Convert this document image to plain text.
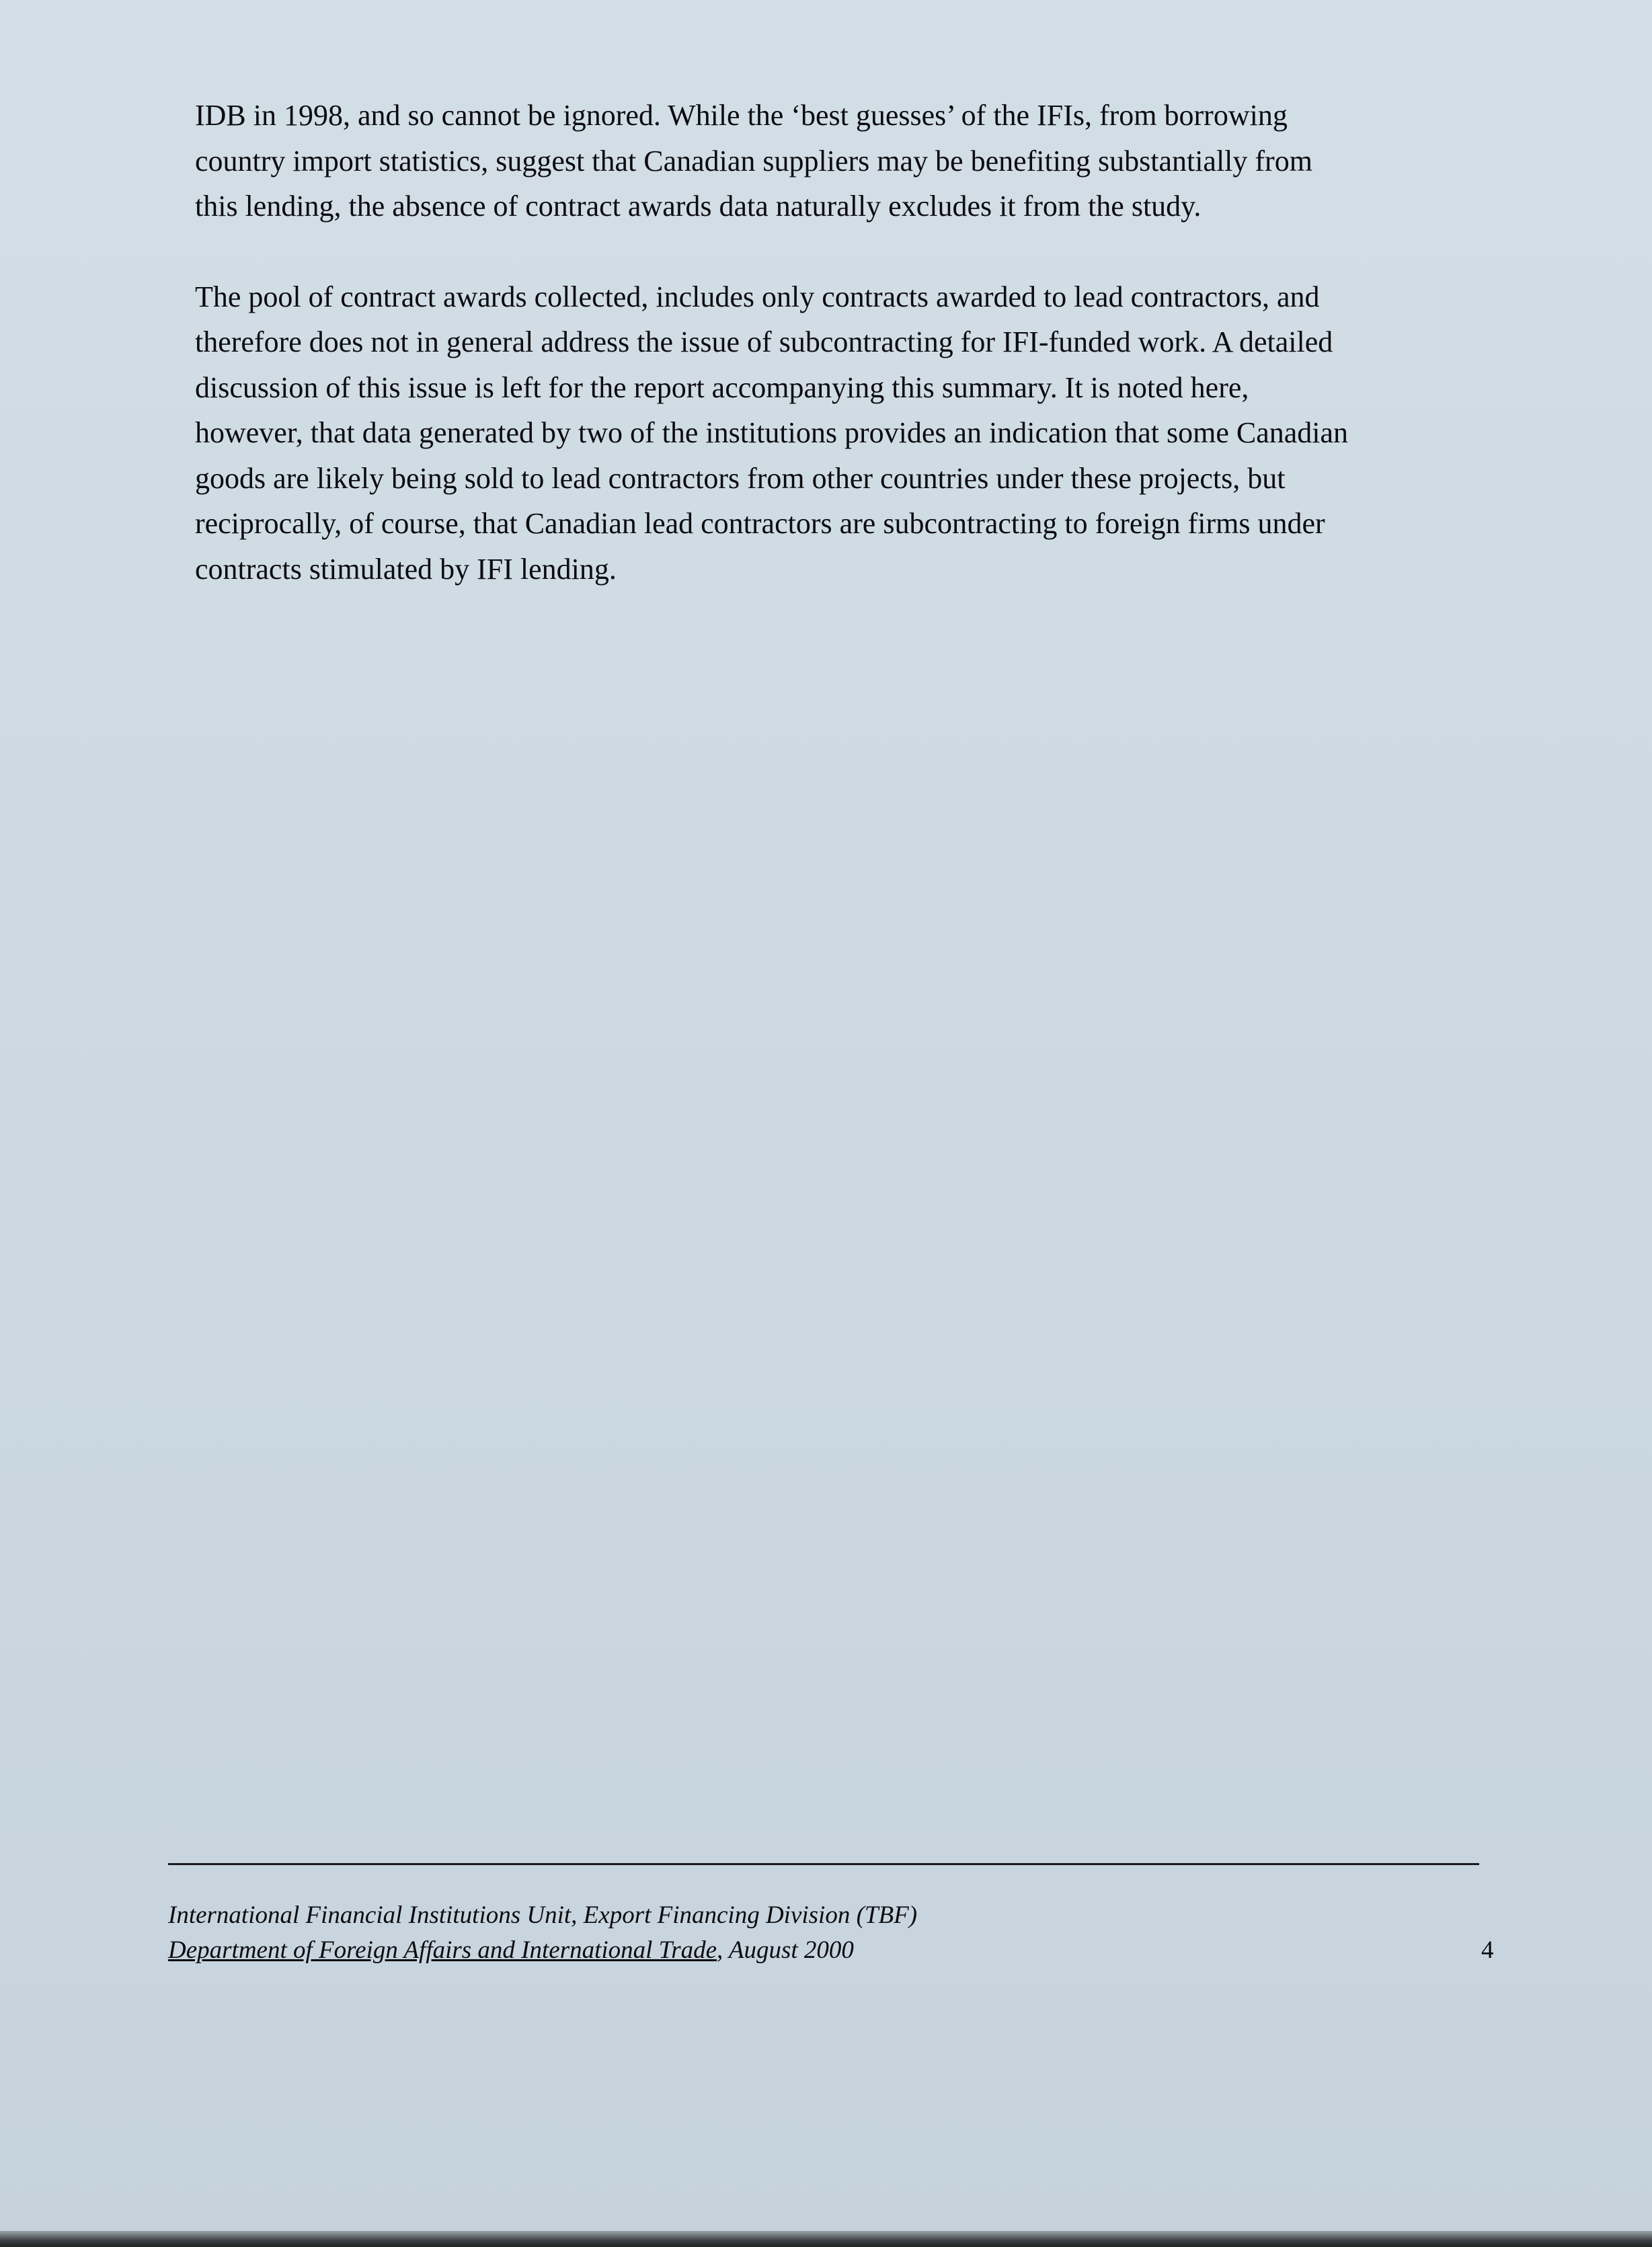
IDB in 1998, and so cannot be ignored. While the ‘best guesses’ of the IFIs, from borrowing
country import statistics, suggest that Canadian suppliers may be benefiting substantially from
this lending, the absence of contract awards data naturally excludes it from the study.

The pool of contract awards collected, includes only contracts awarded to lead contractors, and
therefore does not in general address the issue of subcontracting for IFI-funded work. A detailed
discussion of this issue is left for the report accompanying this summary. It is noted here,
however, that data generated by two of the institutions provides an indication that some Canadian
goods are likely being sold to lead contractors from other countries under these projects, but
reciprocally, of course, that Canadian lead contractors are subcontracting to foreign firms under
contracts stimulated by IFI lending.

International Financial Institutions Unit, Export Financing Division (TBF)
Department of Foreign Affairs and International Trade, August 2000	4
